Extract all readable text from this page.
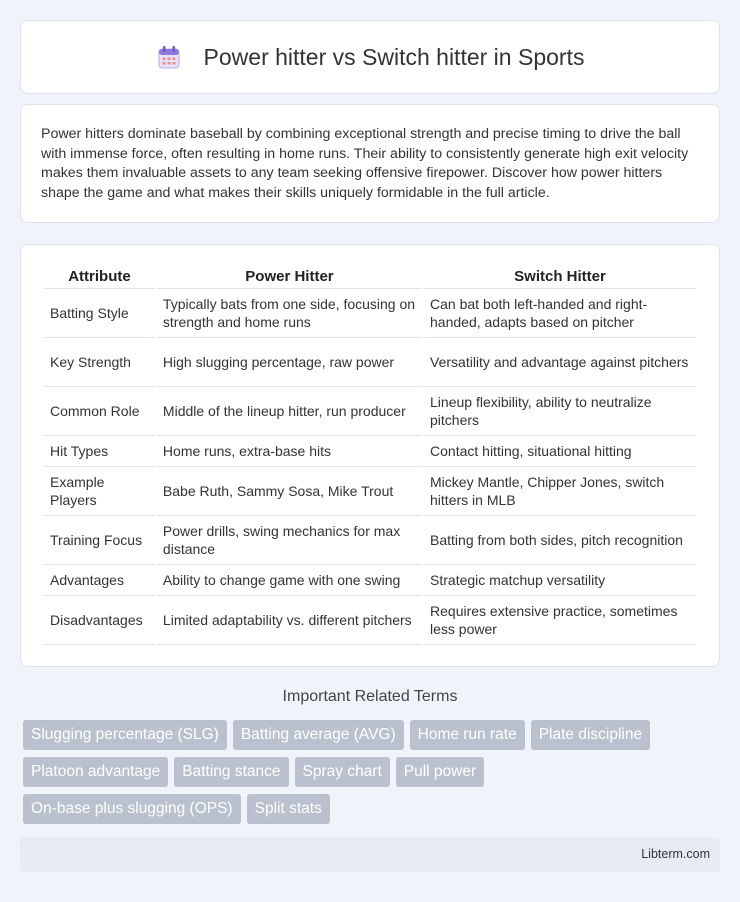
Power hitter vs Switch hitter in Sports

Power hitters dominate baseball by combining exceptional strength and precise timing to drive the ball with immense force, often resulting in home runs. Their ability to consistently generate high exit velocity makes them invaluable assets to any team seeking offensive firepower. Discover how power hitters shape the game and what makes their skills uniquely formidable in the full article.

Attribute	Power Hitter	Switch Hitter
Batting Style	Typically bats from one side, focusing on strength and home runs	Can bat both left-handed and right-handed, adapts based on pitcher
Key Strength	High slugging percentage, raw power	Versatility and advantage against pitchers
Common Role	Middle of the lineup hitter, run producer	Lineup flexibility, ability to neutralize pitchers
Hit Types	Home runs, extra-base hits	Contact hitting, situational hitting
Example Players	Babe Ruth, Sammy Sosa, Mike Trout	Mickey Mantle, Chipper Jones, switch hitters in MLB
Training Focus	Power drills, swing mechanics for max distance	Batting from both sides, pitch recognition
Advantages	Ability to change game with one swing	Strategic matchup versatility
Disadvantages	Limited adaptability vs. different pitchers	Requires extensive practice, sometimes less power
Important Related Terms
Slugging percentage (SLG)	Batting average (AVG)	Home run rate	Plate discipline
Platoon advantage	Batting stance	Spray chart	Pull power
On-base plus slugging (OPS)	Split stats
Libterm.com
